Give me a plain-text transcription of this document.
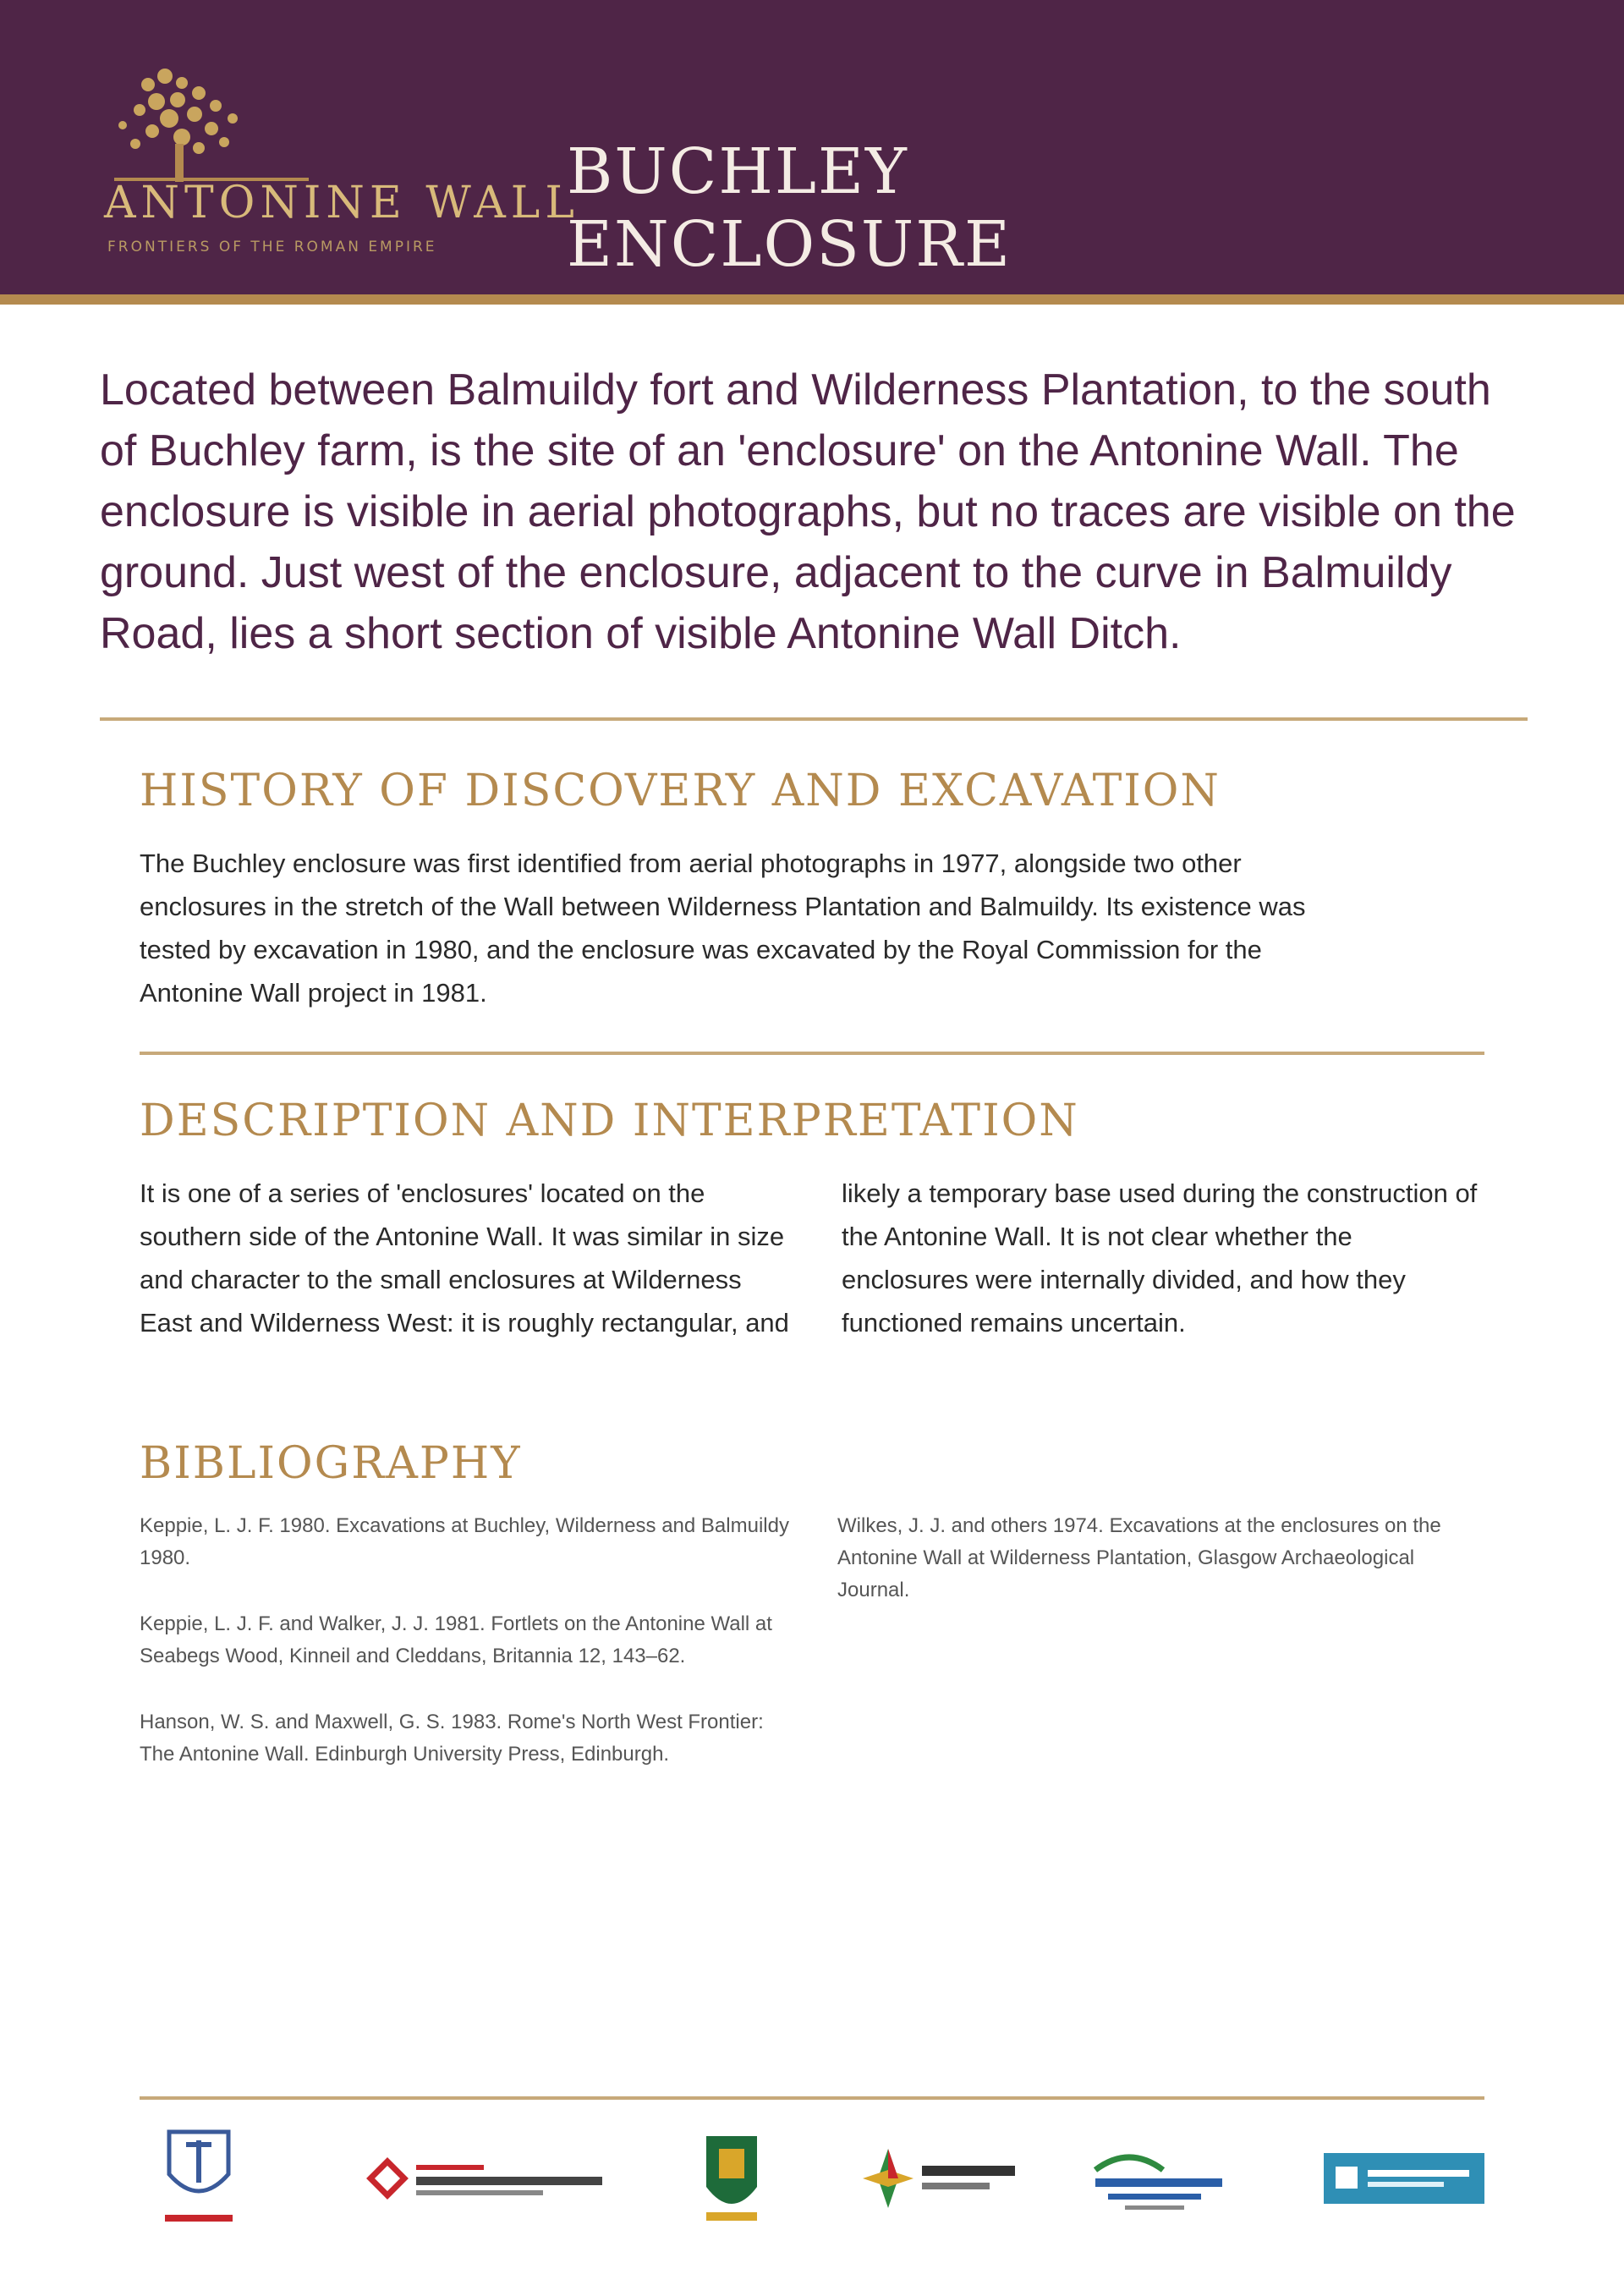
ANTONINE WALL
FRONTIERS OF THE ROMAN EMPIRE
BUCHLEY
ENCLOSURE
Located between Balmuildy fort and Wilderness Plantation, to the south of Buchley farm, is the site of an 'enclosure' on the Antonine Wall. The enclosure is visible in aerial photographs, but no traces are visible on the ground. Just west of the enclosure, adjacent to the curve in Balmuildy Road, lies a short section of visible Antonine Wall Ditch.
HISTORY OF DISCOVERY AND EXCAVATION
The Buchley enclosure was first identified from aerial photographs in 1977, alongside two other enclosures in the stretch of the Wall between Wilderness Plantation and Balmuildy. Its existence was tested by excavation in 1980, and the enclosure was excavated by the Royal Commission for the Antonine Wall project in 1981.
DESCRIPTION AND INTERPRETATION
It is one of a series of 'enclosures' located on the southern side of the Antonine Wall. It was similar in size and character to the small enclosures at Wilderness East and Wilderness West: it is roughly rectangular, and
likely a temporary base used during the construction of the Antonine Wall. It is not clear whether the enclosures were internally divided, and how they functioned remains uncertain.
BIBLIOGRAPHY

Keppie, L. J. F. 1980. Excavations at Buchley, Wilderness and Balmuildy 1980.

Keppie, L. J. F. and Walker, J. J. 1981. Fortlets on the Antonine Wall at Seabegs Wood, Kinneil and Cleddans, Britannia 12, 143–62.

Hanson, W. S. and Maxwell, G. S. 1983. Rome's North West Frontier: The Antonine Wall. Edinburgh University Press, Edinburgh.

Wilkes, J. J. and others 1974. Excavations at the enclosures on the Antonine Wall at Wilderness Plantation, Glasgow Archaeological Journal.
